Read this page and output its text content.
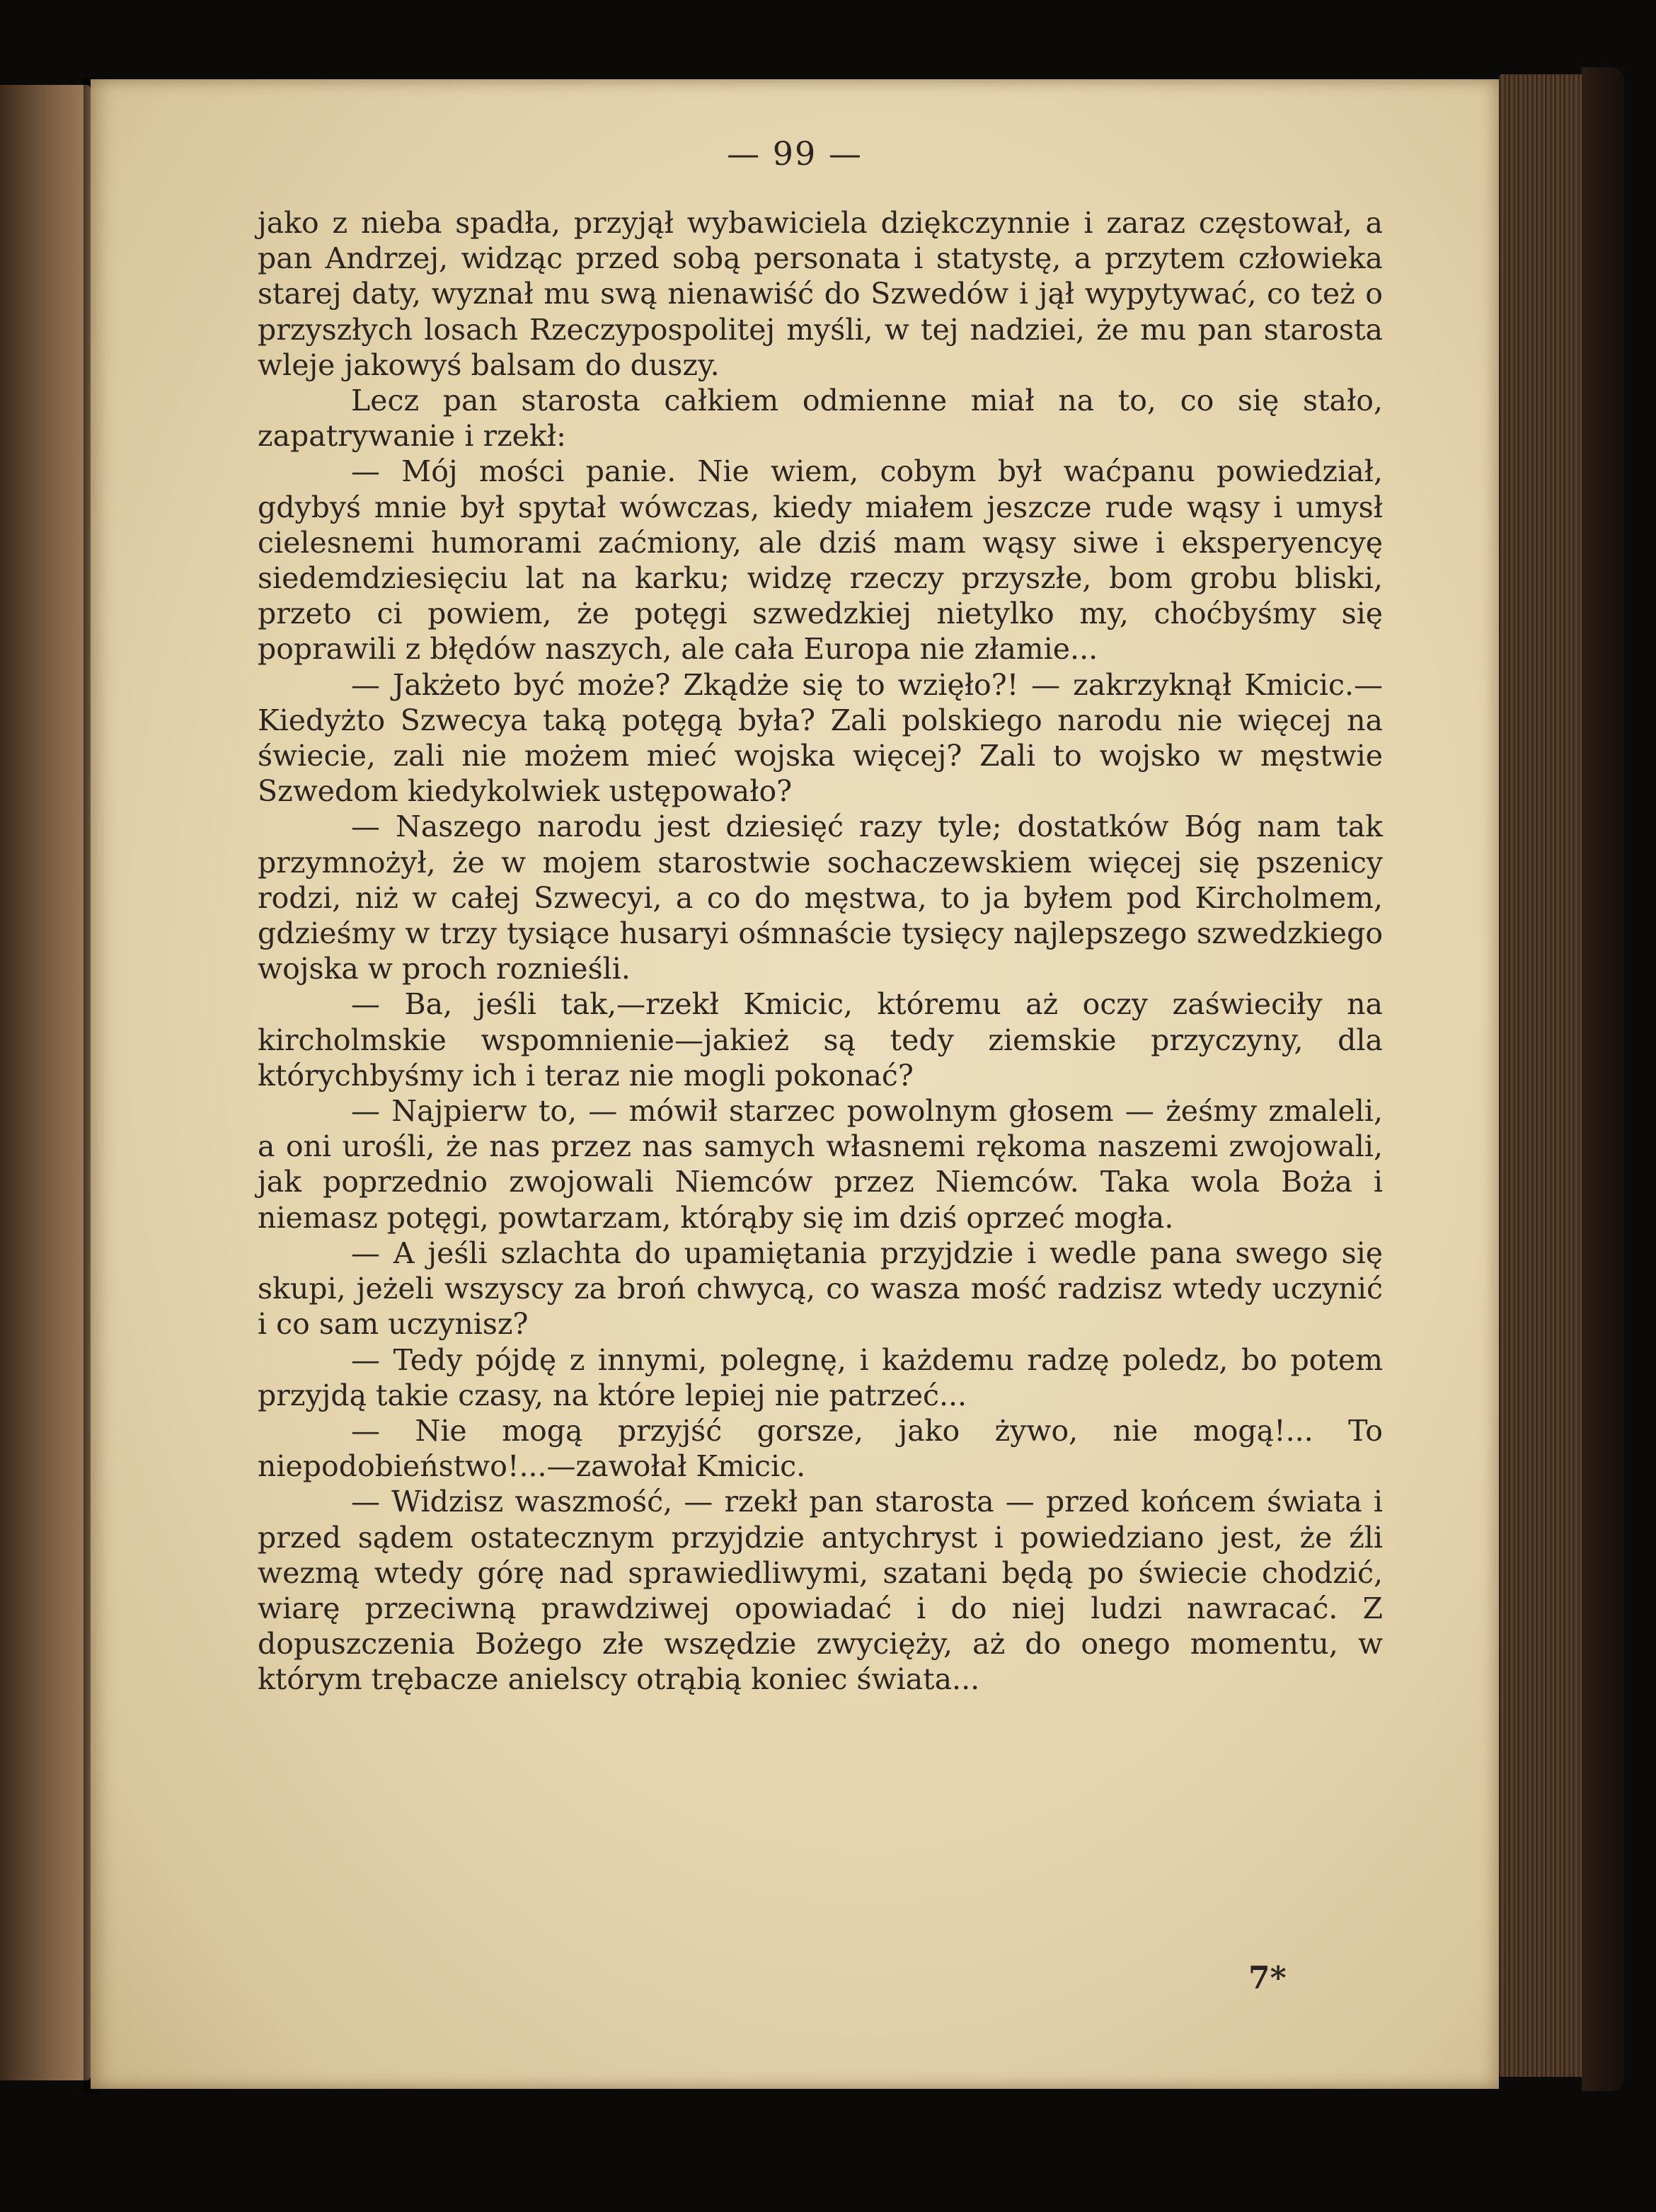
— 99 —

jako z nieba spadła, przyjął wybawiciela dziękczynnie i zaraz częstował, a pan Andrzej, widząc przed sobą personata i statystę, a przytem człowieka starej daty, wyznał mu swą nienawiść do Szwedów i jął wypytywać, co też o przyszłych losach Rzeczypospolitej myśli, w tej nadziei, że mu pan starosta wleje jakowyś balsam do duszy.

Lecz pan starosta całkiem odmienne miał na to, co się stało, zapatrywanie i rzekł:

— Mój mości panie. Nie wiem, cobym był waćpanu powiedział, gdybyś mnie był spytał wówczas, kiedy miałem jeszcze rude wąsy i umysł cielesnemi humorami zaćmiony, ale dziś mam wąsy siwe i eksperyencyę siedemdziesięciu lat na karku; widzę rzeczy przyszłe, bom grobu bliski, przeto ci powiem, że potęgi szwedzkiej nietylko my, choćbyśmy się poprawili z błędów naszych, ale cała Europa nie złamie...

— Jakżeto być może? Zkądże się to wzięło?! — zakrzyknął Kmicic.—Kiedyżto Szwecya taką potęgą była? Zali polskiego narodu nie więcej na świecie, zali nie możem mieć wojska więcej? Zali to wojsko w męstwie Szwedom kiedykolwiek ustępowało?

— Naszego narodu jest dziesięć razy tyle; dostatków Bóg nam tak przymnożył, że w mojem starostwie sochaczewskiem więcej się pszenicy rodzi, niż w całej Szwecyi, a co do męstwa, to ja byłem pod Kircholmem, gdzieśmy w trzy tysiące husaryi ośmnaście tysięcy najlepszego szwedzkiego wojska w proch roznieśli.

— Ba, jeśli tak,—rzekł Kmicic, któremu aż oczy zaświeciły na kircholmskie wspomnienie—jakież są tedy ziemskie przyczyny, dla którychbyśmy ich i teraz nie mogli pokonać?

— Najpierw to, — mówił starzec powolnym głosem — żeśmy zmaleli, a oni urośli, że nas przez nas samych własnemi rękoma naszemi zwojowali, jak poprzednio zwojowali Niemców przez Niemców. Taka wola Boża i niemasz potęgi, powtarzam, którąby się im dziś oprzeć mogła.

— A jeśli szlachta do upamiętania przyjdzie i wedle pana swego się skupi, jeżeli wszyscy za broń chwycą, co wasza mość radzisz wtedy uczynić i co sam uczynisz?

— Tedy pójdę z innymi, polegnę, i każdemu radzę poledz, bo potem przyjdą takie czasy, na które lepiej nie patrzeć...

— Nie mogą przyjść gorsze, jako żywo, nie mogą!... To niepodobieństwo!...—zawołał Kmicic.

— Widzisz waszmość, — rzekł pan starosta — przed końcem świata i przed sądem ostatecznym przyjdzie antychryst i powiedziano jest, że źli wezmą wtedy górę nad sprawiedliwymi, szatani będą po świecie chodzić, wiarę przeciwną prawdziwej opowiadać i do niej ludzi nawracać. Z dopuszczenia Bożego złe wszędzie zwycięży, aż do onego momentu, w którym trębacze anielscy otrąbią koniec świata...

7*
